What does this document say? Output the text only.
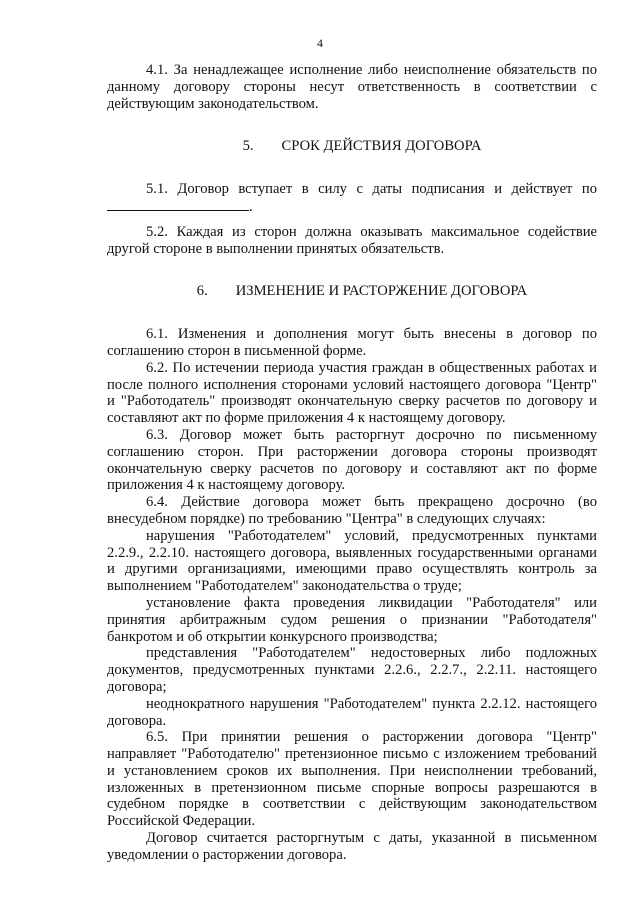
4

4.1. За ненадлежащее исполнение либо неисполнение обязательств по данному договору стороны несут ответственность в соответствии с действующим законодательством.

5. СРОК ДЕЙСТВИЯ ДОГОВОРА

5.1. Договор вступает в силу с даты подписания и действует по

.

5.2. Каждая из сторон должна оказывать максимальное содействие другой стороне в выполнении принятых обязательств.

6. ИЗМЕНЕНИЕ И РАСТОРЖЕНИЕ ДОГОВОРА

6.1. Изменения и дополнения могут быть внесены в договор по соглашению сторон в письменной форме.

6.2. По истечении периода участия граждан в общественных работах и после полного исполнения сторонами условий настоящего договора "Центр" и "Работодатель" производят окончательную сверку расчетов по договору и составляют акт по форме приложения 4 к настоящему договору.

6.3. Договор может быть расторгнут досрочно по письменному соглашению сторон. При расторжении договора стороны производят окончательную сверку расчетов по договору и составляют акт по форме приложения 4 к настоящему договору.

6.4. Действие договора может быть прекращено досрочно (во внесудебном порядке) по требованию "Центра" в следующих случаях:

нарушения "Работодателем" условий, предусмотренных пунктами 2.2.9., 2.2.10. настоящего договора, выявленных государственными органами и другими организациями, имеющими право осуществлять контроль за выполнением "Работодателем" законодательства о труде;

установление факта проведения ликвидации "Работодателя" или принятия арбитражным судом решения о признании "Работодателя" банкротом и об открытии конкурсного производства;

представления "Работодателем" недостоверных либо подложных документов, предусмотренных пунктами 2.2.6., 2.2.7., 2.2.11. настоящего договора;

неоднократного нарушения "Работодателем" пункта 2.2.12. настоящего договора.

6.5. При принятии решения о расторжении договора "Центр" направляет "Работодателю" претензионное письмо с изложением требований и установлением сроков их выполнения. При неисполнении требований, изложенных в претензионном письме спорные вопросы разрешаются в судебном порядке в соответствии с действующим законодательством Российской Федерации.

Договор считается расторгнутым с даты, указанной в письменном уведомлении о расторжении договора.
